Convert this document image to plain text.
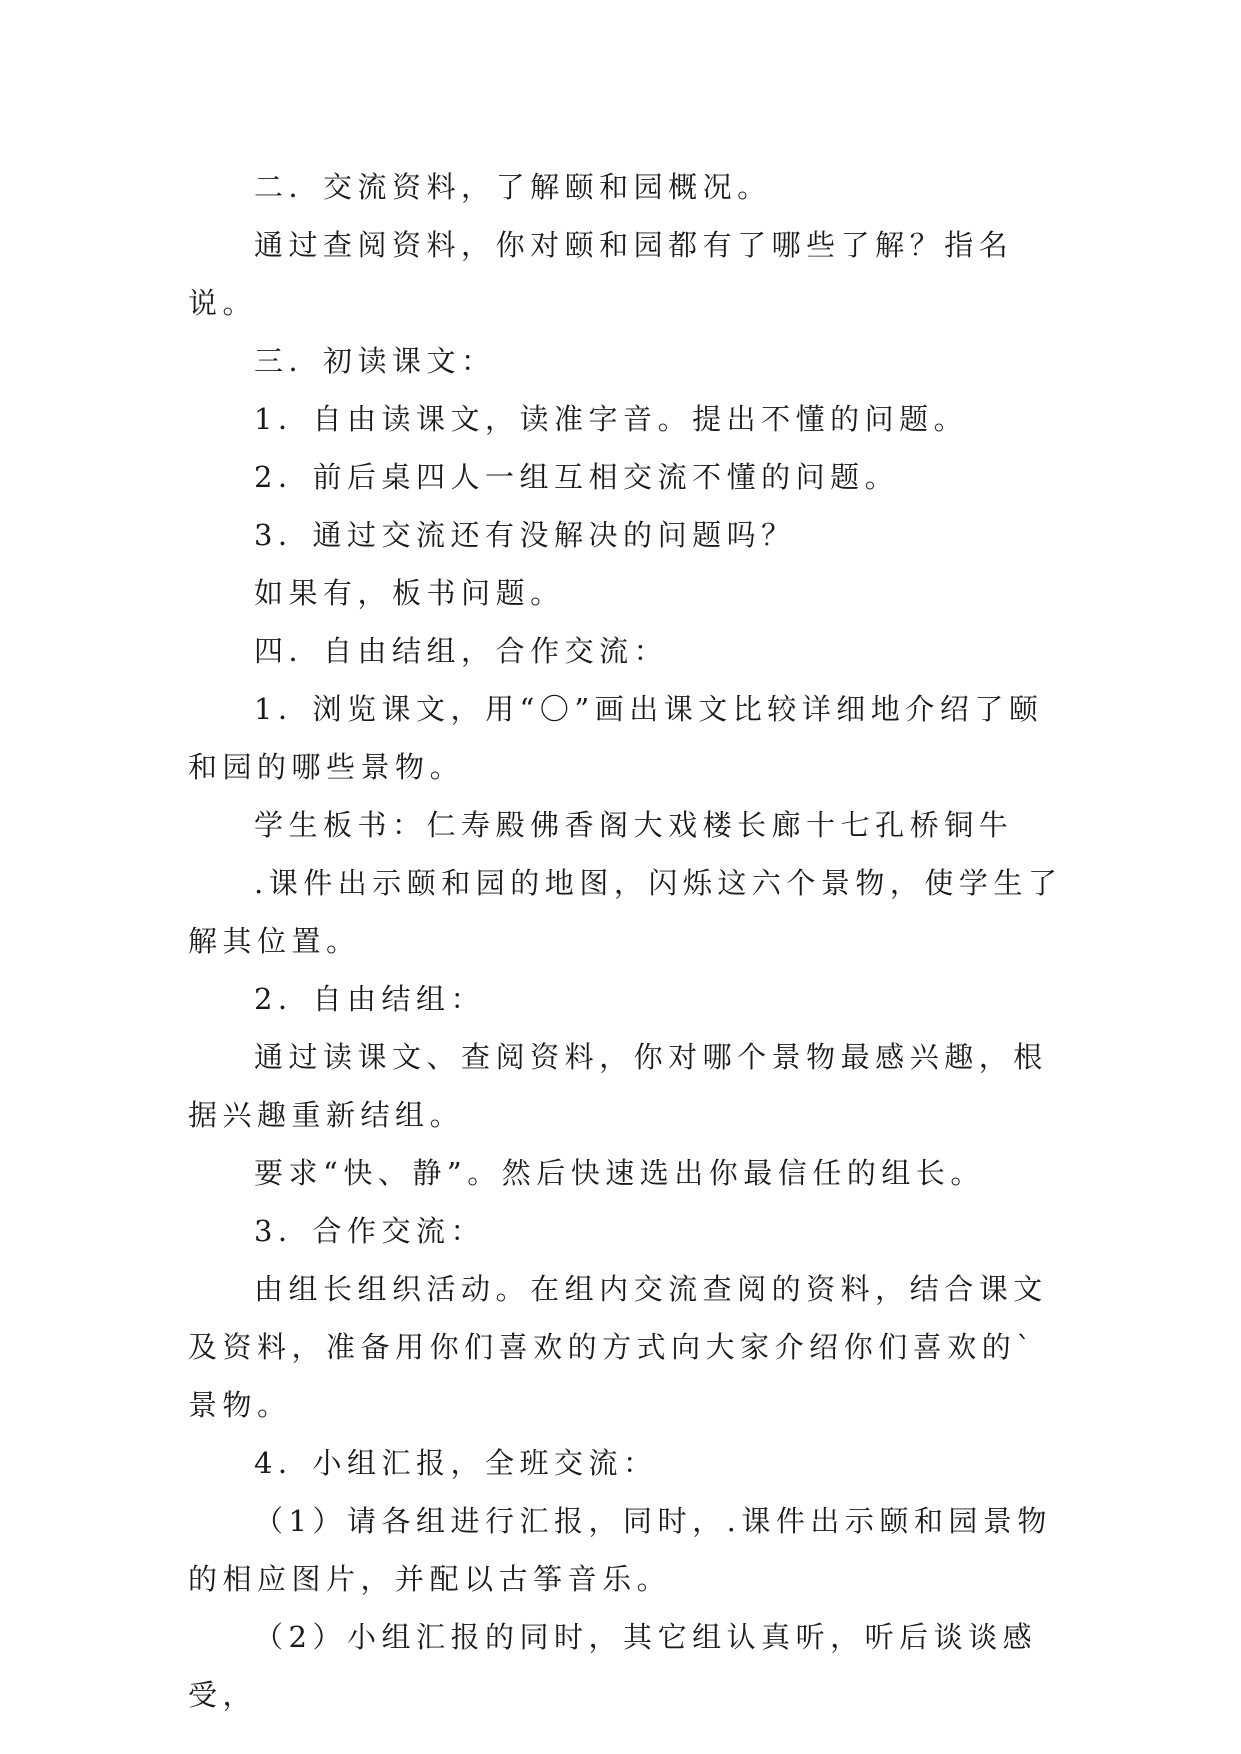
二．交流资料，了解颐和园概况。

通过查阅资料，你对颐和园都有了哪些了解？指名说。

三．初读课文：

1．自由读课文，读准字音。提出不懂的问题。

2．前后桌四人一组互相交流不懂的问题。

3．通过交流还有没解决的问题吗？

如果有，板书问题。

四．自由结组，合作交流：

1．浏览课文，用“〇”画出课文比较详细地介绍了颐和园的哪些景物。

学生板书：仁寿殿佛香阁大戏楼长廊十七孔桥铜牛

.课件出示颐和园的地图，闪烁这六个景物，使学生了解其位置。

2．自由结组：

通过读课文、查阅资料，你对哪个景物最感兴趣，根据兴趣重新结组。

要求“快、静”。然后快速选出你最信任的组长。

3．合作交流：

由组长组织活动。在组内交流查阅的资料，结合课文及资料，准备用你们喜欢的方式向大家介绍你们喜欢的`景物。

4．小组汇报，全班交流：

（1）请各组进行汇报，同时，.课件出示颐和园景物的相应图片，并配以古筝音乐。

（2）小组汇报的同时，其它组认真听，听后谈谈感受，
